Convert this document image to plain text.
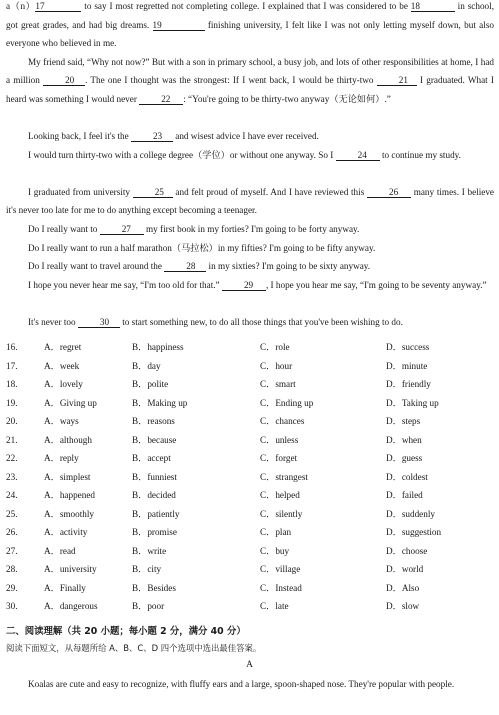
a（n）17	to say I most regretted not completing college. I explained that I was considered to be 18	in school, got great grades, and had big dreams. 19	finishing university, I felt like I was not only letting myself down, but also everyone who believed in me.
My friend said, “Why not now?” But with a son in primary school, a busy job, and lots of other responsibilities at home, I had a million 20 . The one I thought was the strongest: If I went back, I would be thirty-two 21 I graduated. What I heard was something I would never 22 : “You're going to be thirty-two anyway（无论如何）.”
Looking back, I feel it's the 23 and wisest advice I have ever received.
I would turn thirty-two with a college degree（学位）or without one anyway. So I 24 to continue my study.
I graduated from university 25 and felt proud of myself. And I have reviewed this 26 many times. I believe it's never too late for me to do anything except becoming a teenager.
Do I really want to 27 my first book in my forties? I'm going to be forty anyway.
Do I really want to run a half marathon（马拉松）in my fifties? I'm going to be fifty anyway.
Do I really want to travel around the 28 in my sixties? I'm going to be sixty anyway.
I hope you never hear me say, “I'm too old for that.” 29 , I hope you hear me say, “I'm going to be seventy anyway.”
It's never too 30 to start something new, to do all those things that you've been wishing to do.
16.	A．regret	B．happiness	C．role	D．success
17.	A．week	B．day	C．hour	D．minute
18.	A．lovely	B．polite	C．smart	D．friendly
19.	A．Giving up	B．Making up	C．Ending up	D．Taking up
20.	A．ways	B．reasons	C．chances	D．steps
21.	A．although	B．because	C．unless	D．when
22.	A．reply	B．accept	C．forget	D．guess
23.	A．simplest	B．funniest	C．strangest	D．coldest
24.	A．happened	B．decided	C．helped	D．failed
25.	A．smoothly	B．patiently	C．silently	D．suddenly
26.	A．activity	B．promise	C．plan	D．suggestion
27.	A．read	B．write	C．buy	D．choose
28.	A．university	B．city	C．village	D．world
29.	A．Finally	B．Besides	C．Instead	D．Also
30.	A．dangerous	B．poor	C．late	D．slow
二、阅读理解（共 20 小题；每小题 2 分，满分 40 分）
阅读下面短文，从每题所给 A、B、C、D 四个选项中选出最佳答案。
A
Koalas are cute and easy to recognize, with fluffy ears and a large, spoon-shaped nose. They're popular with people.
